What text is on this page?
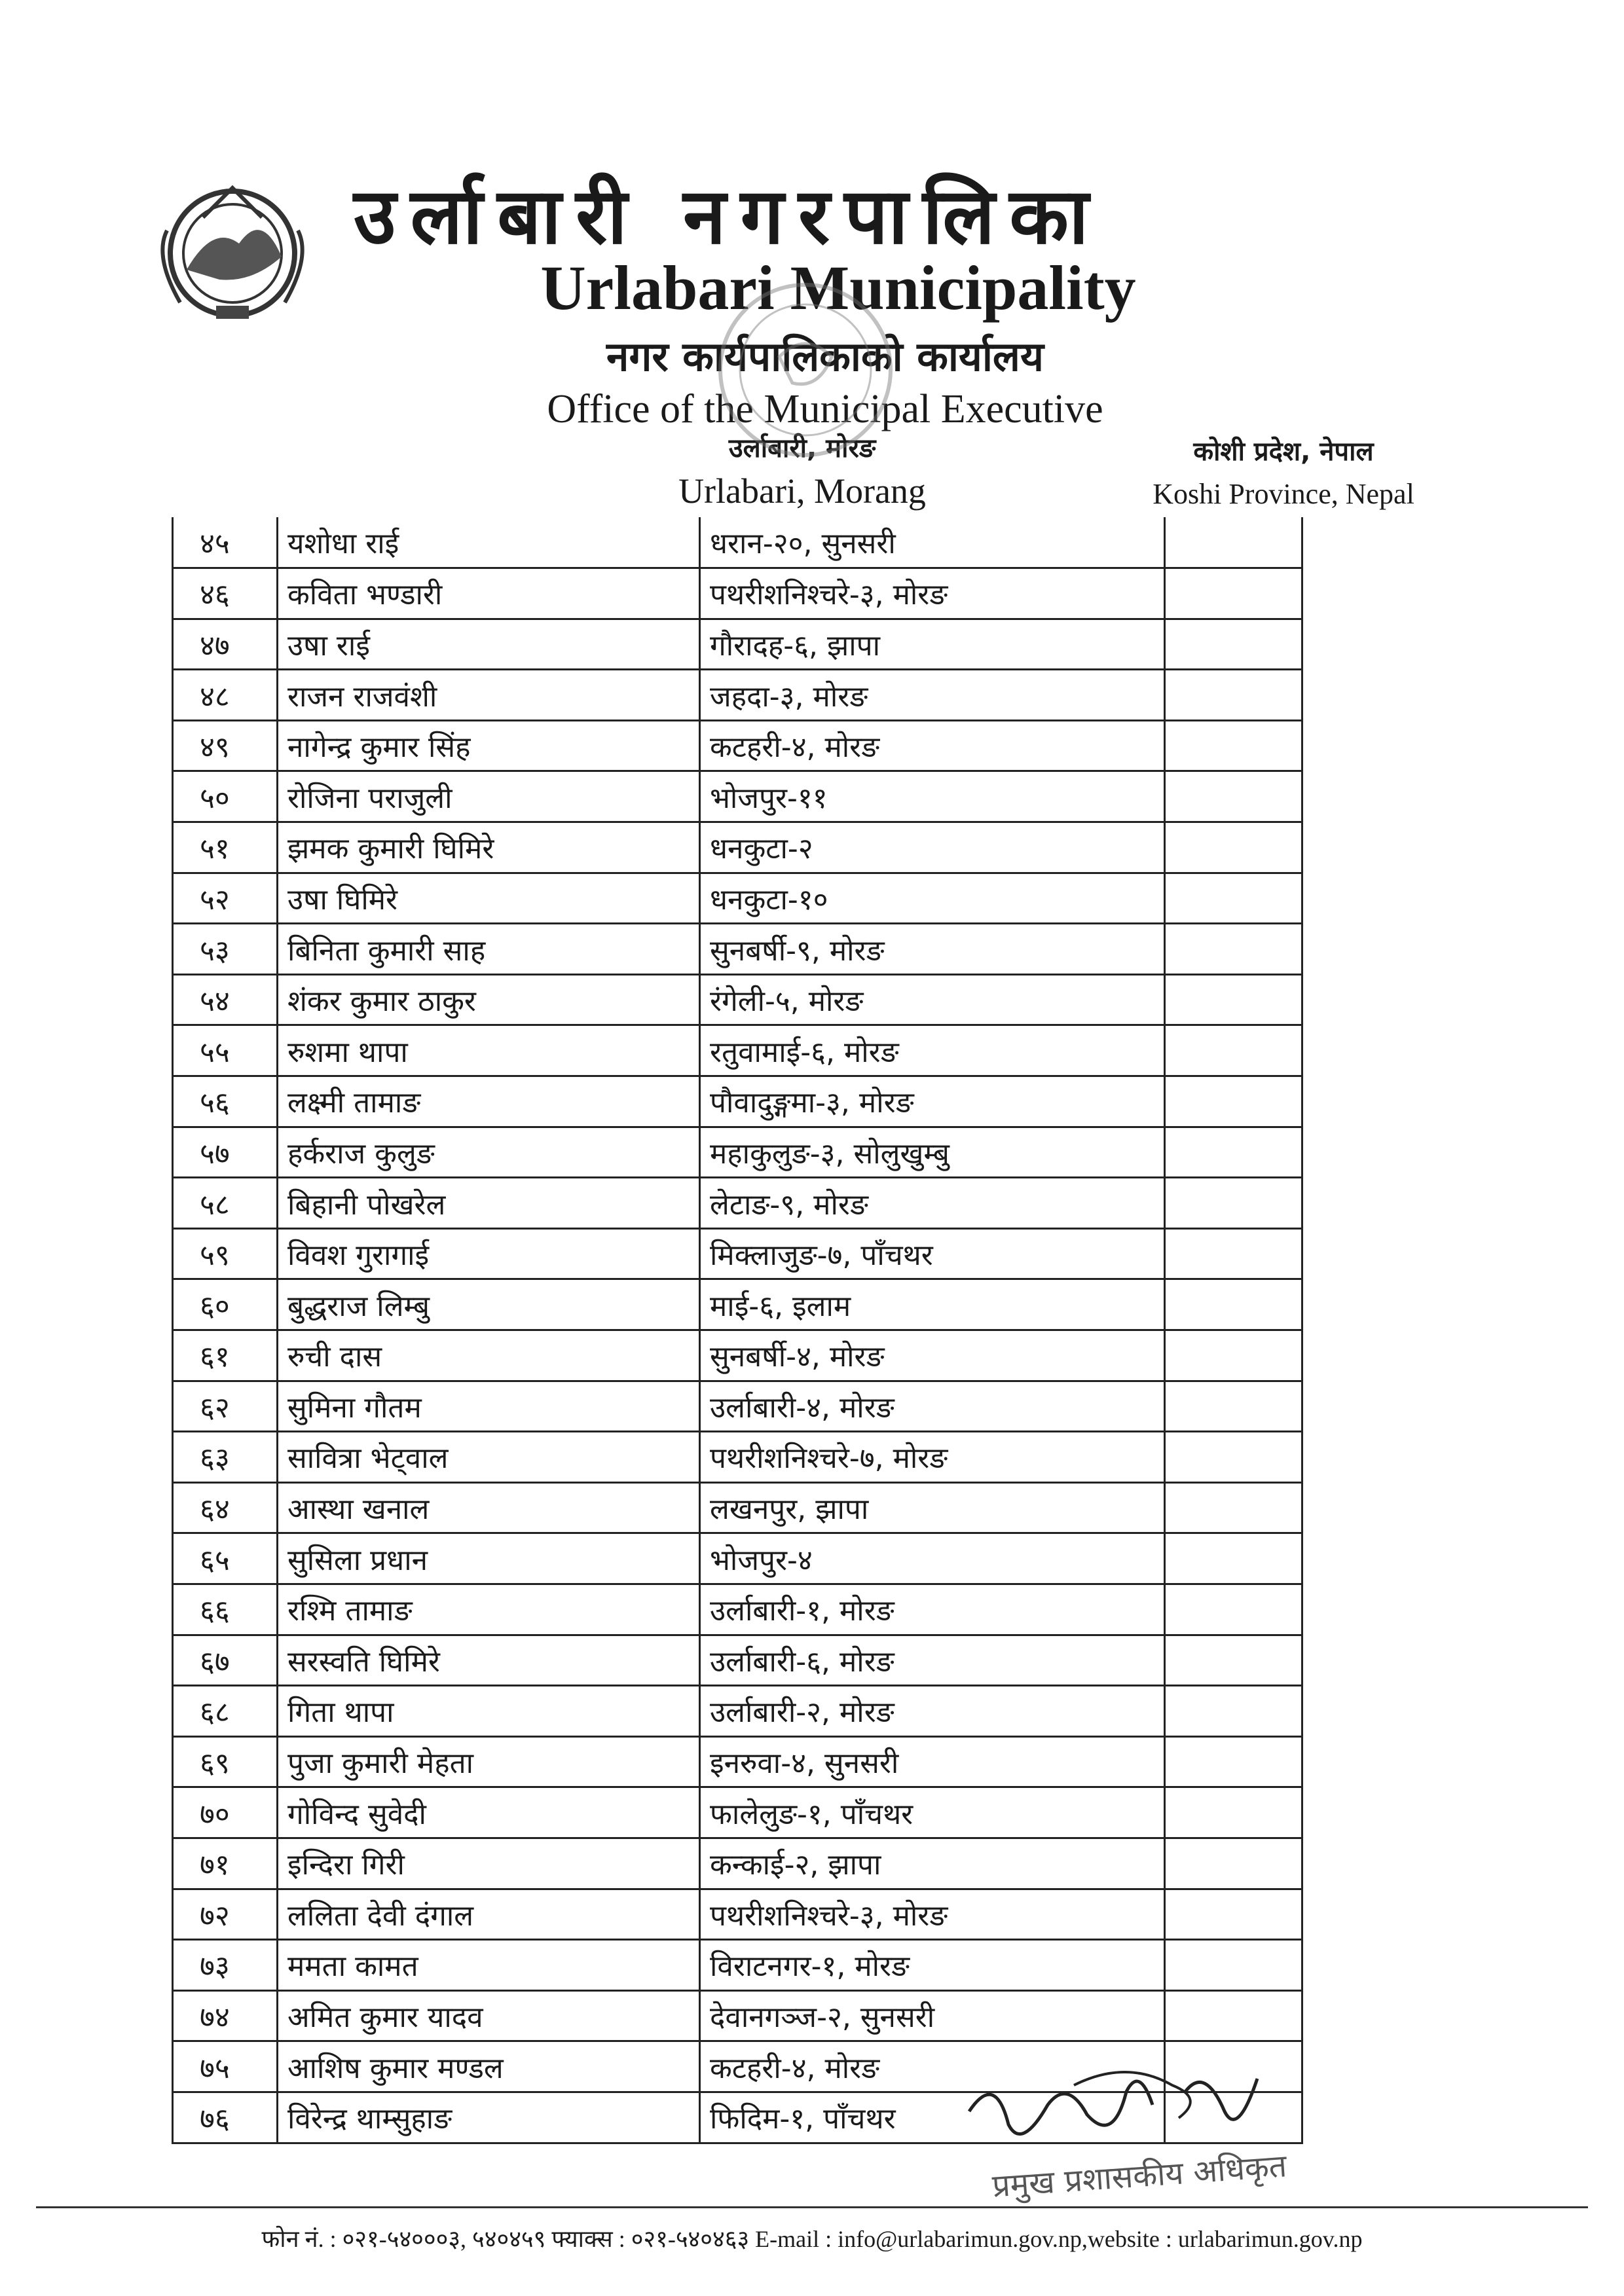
उर्लाबारी नगरपालिका
Urlabari Municipality
नगर कार्यपालिकाको कार्यालय
Office of the Municipal Executive
उर्लाबारी, मोरङ
Urlabari, Morang
कोशी प्रदेश, नेपाल
Koshi Province, Nepal
४५	यशोधा राई	धरान-२०, सुनसरी	
४६	कविता भण्डारी	पथरीशनिश्चरे-३, मोरङ	
४७	उषा राई	गौरादह-६, झापा	
४८	राजन राजवंशी	जहदा-३, मोरङ	
४९	नागेन्द्र कुमार सिंह	कटहरी-४, मोरङ	
५०	रोजिना पराजुली	भोजपुर-११	
५१	झमक कुमारी घिमिरे	धनकुटा-२	
५२	उषा घिमिरे	धनकुटा-१०	
५३	बिनिता कुमारी साह	सुनबर्षी-९, मोरङ	
५४	शंकर कुमार ठाकुर	रंगेली-५, मोरङ	
५५	रुशमा थापा	रतुवामाई-६, मोरङ	
५६	लक्ष्मी तामाङ	पौवादुङ्गमा-३, मोरङ	
५७	हर्कराज कुलुङ	महाकुलुङ-३, सोलुखुम्बु	
५८	बिहानी पोखरेल	लेटाङ-९, मोरङ	
५९	विवश गुरागाई	मिक्लाजुङ-७, पाँचथर	
६०	बुद्धराज लिम्बु	माई-६, इलाम	
६१	रुची दास	सुनबर्षी-४, मोरङ	
६२	सुमिना गौतम	उर्लाबारी-४, मोरङ	
६३	सावित्रा भेट्वाल	पथरीशनिश्चरे-७, मोरङ	
६४	आस्था खनाल	लखनपुर, झापा	
६५	सुसिला प्रधान	भोजपुर-४	
६६	रश्मि तामाङ	उर्लाबारी-१, मोरङ	
६७	सरस्वति घिमिरे	उर्लाबारी-६, मोरङ	
६८	गिता थापा	उर्लाबारी-२, मोरङ	
६९	पुजा कुमारी मेहता	इनरुवा-४, सुनसरी	
७०	गोविन्द सुवेदी	फालेलुङ-१, पाँचथर	
७१	इन्दिरा गिरी	कन्काई-२, झापा	
७२	ललिता देवी दंगाल	पथरीशनिश्चरे-३, मोरङ	
७३	ममता कामत	विराटनगर-१, मोरङ	
७४	अमित कुमार यादव	देवानगञ्ज-२, सुनसरी	
७५	आशिष कुमार मण्डल	कटहरी-४, मोरङ	
७६	विरेन्द्र थाम्सुहाङ	फिदिम-१, पाँचथर	
प्रमुख प्रशासकीय अधिकृत
फोन नं. : ०२१-५४०००३, ५४०४५९ फ्याक्स : ०२१-५४०४६३ E-mail : info@urlabarimun.gov.np,website : urlabarimun.gov.np
